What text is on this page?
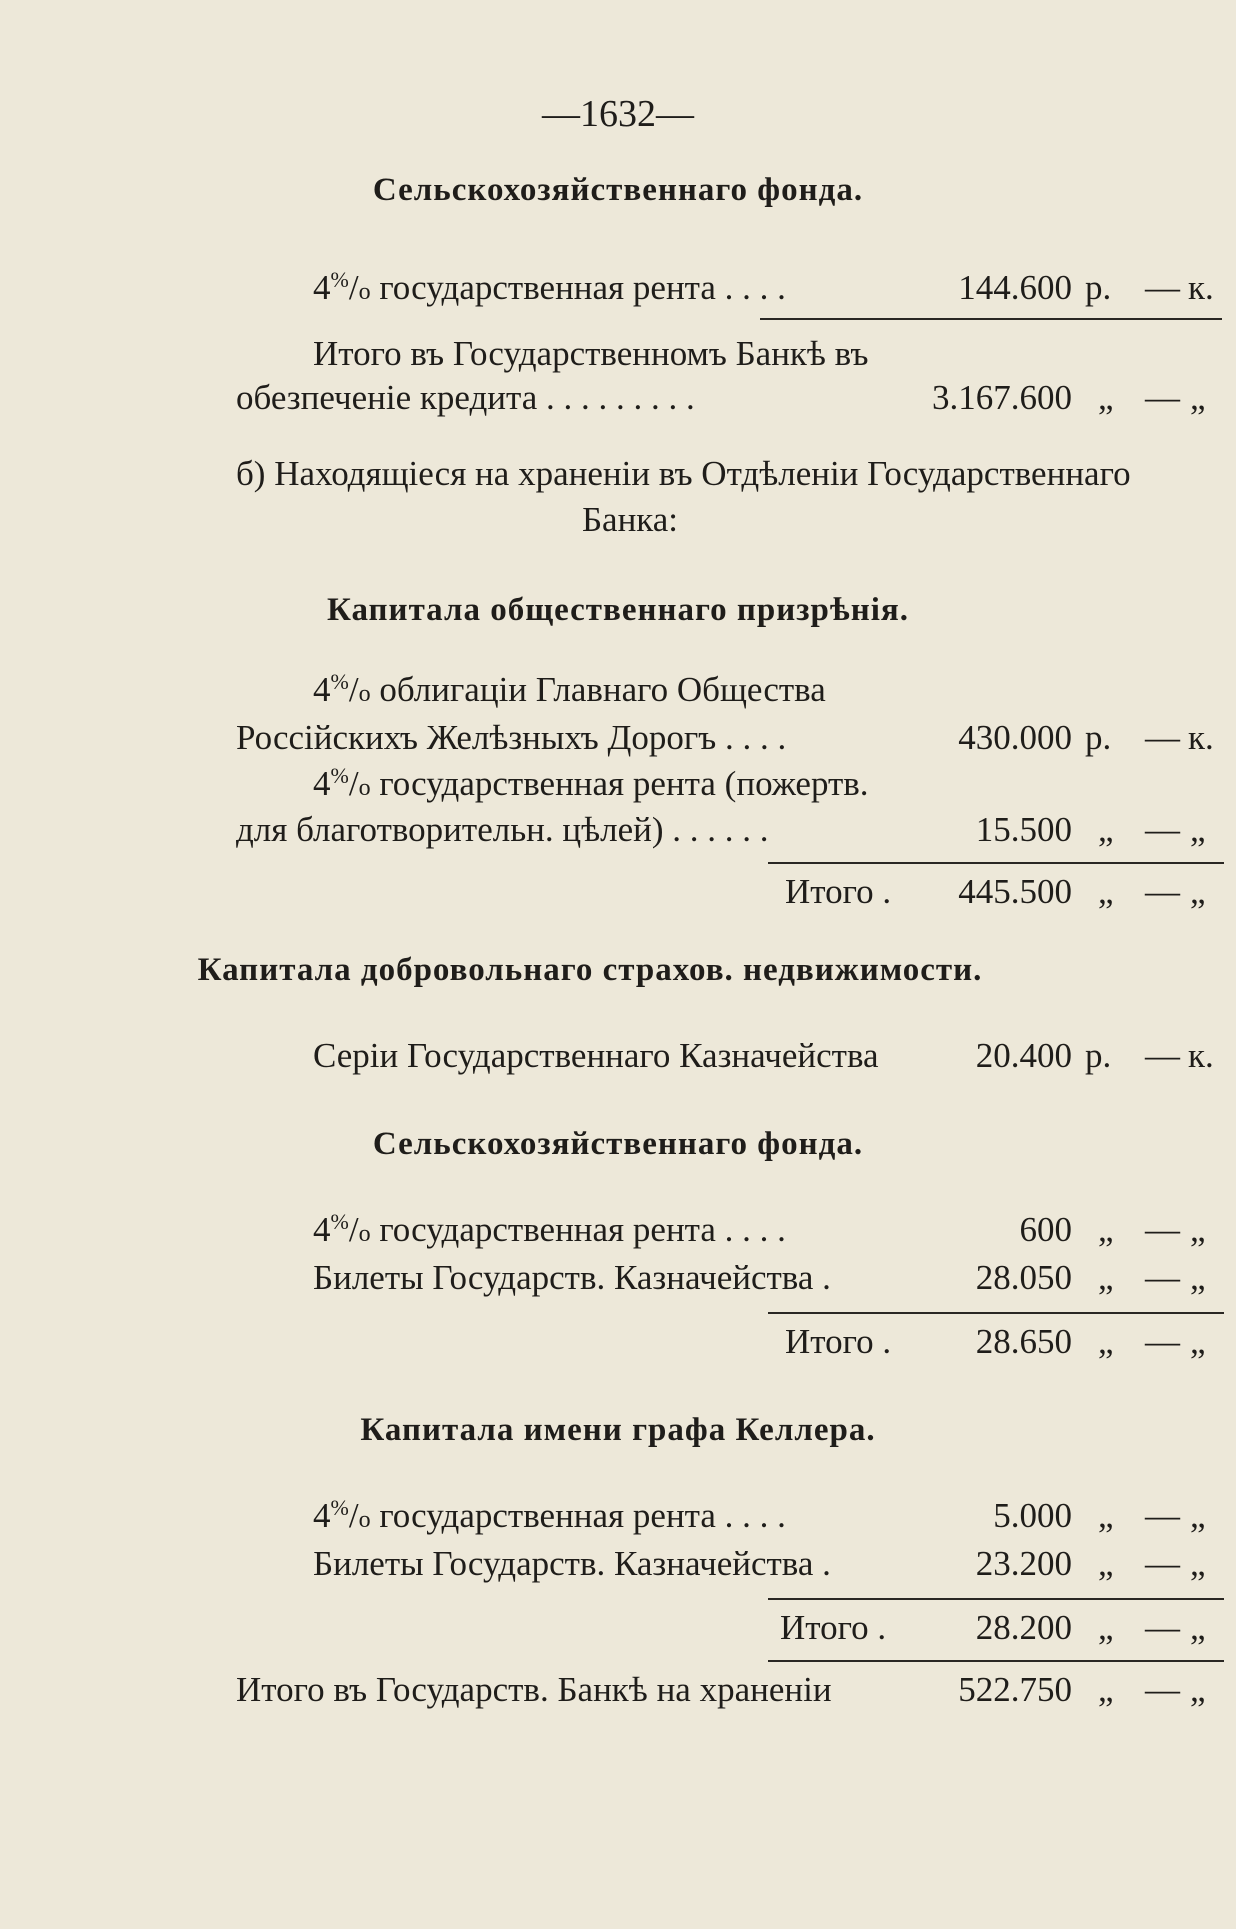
—1632—
Сельскохозяйственнаго фонда.
4%/o государственная рента . . . .	144.600 р. — к.
Итого въ Государственномъ Банкѣ въ
обезпеченіе кредита . . . . . . . . .	3.167.600 „ — „
б) Находящіеся на храненіи въ Отдѣленіи Государственнаго
Банка:
Капитала общественнаго призрѣнія.
4%/o облигаціи Главнаго Общества
Россійскихъ Желѣзныхъ Дорогъ . . . .	430.000 р. — к.
4%/o государственная рента (пожертв.
для благотворительн. цѣлей) . . . . . .	15.500 „ — „
Итого .	445.500 „ — „
Капитала добровольнаго страхов. недвижимости.
Серіи Государственнаго Казначейства	20.400 р. — к.
Сельскохозяйственнаго фонда.
4%/o государственная рента . . . .	600 „ — „
Билеты Государств. Казначейства .	28.050 „ — „
Итого .	28.650 „ — „
Капитала имени графа Келлера.
4%/o государственная рента . . . .	5.000 „ — „
Билеты Государств. Казначейства .	23.200 „ — „
Итого .	28.200 „ — „
Итого въ Государств. Банкѣ на храненіи	522.750 „ — „
